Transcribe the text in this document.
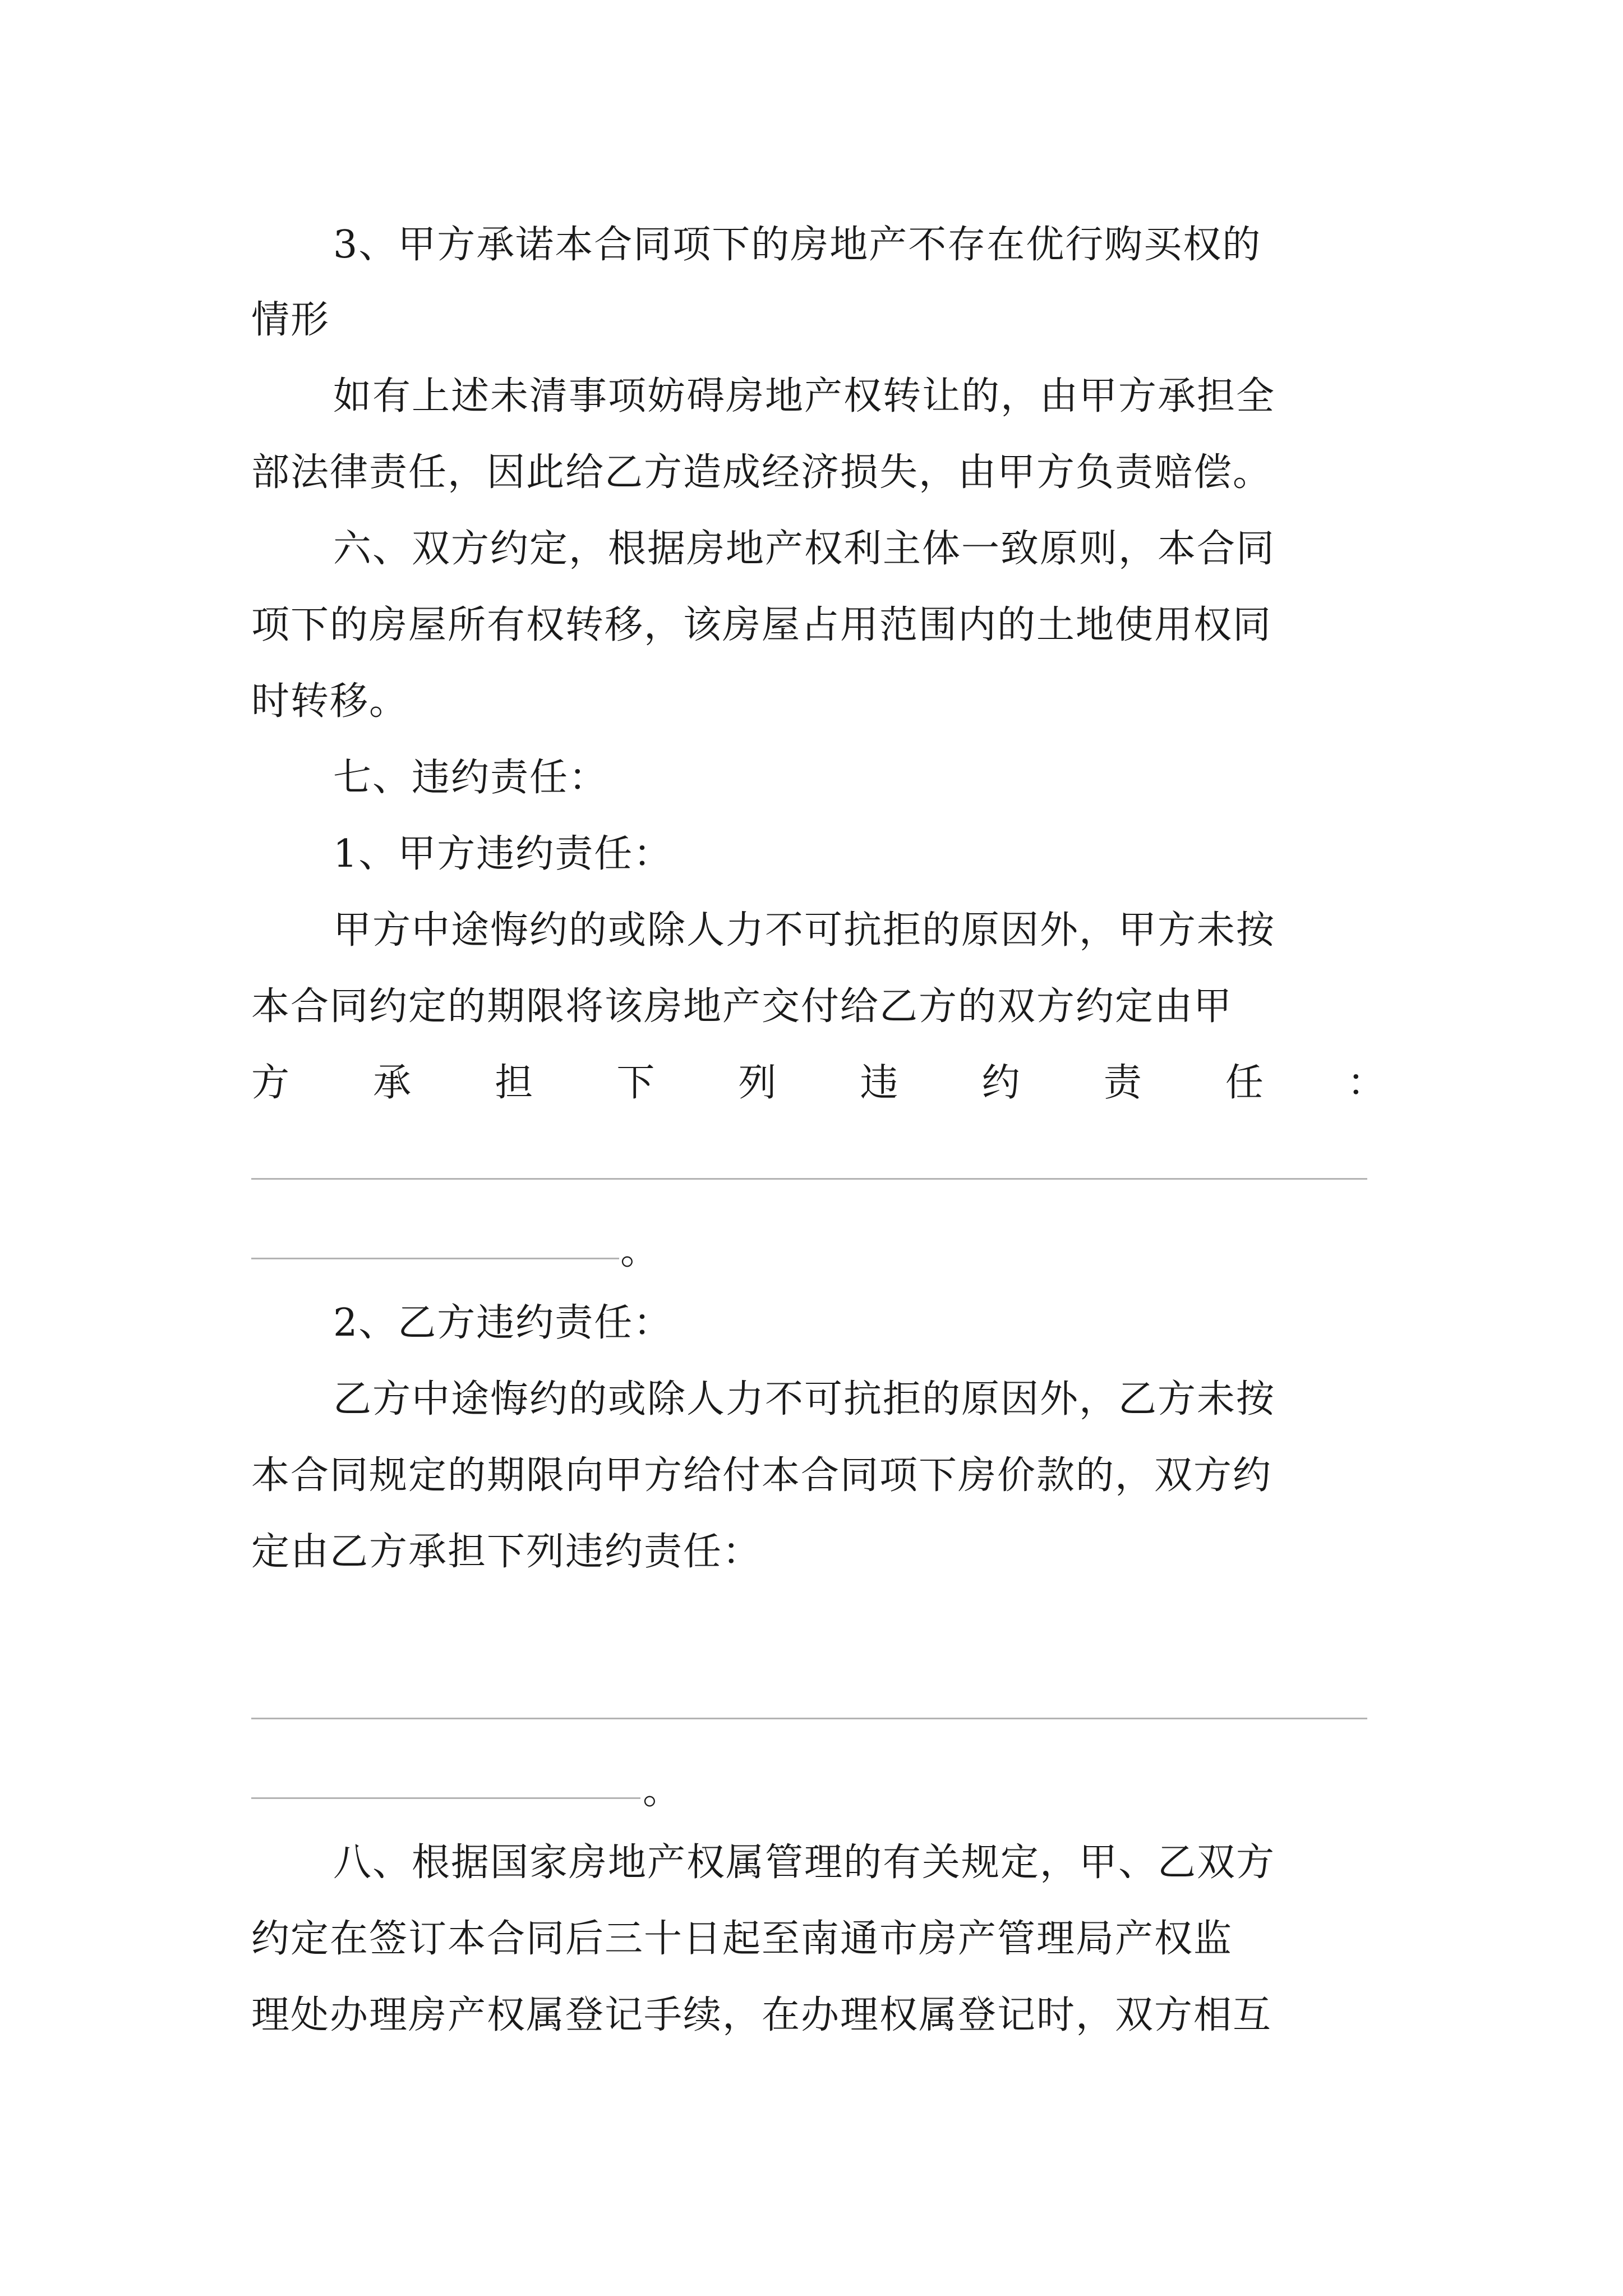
3、甲方承诺本合同项下的房地产不存在优行购买权的
情形
如有上述未清事项妨碍房地产权转让的，由甲方承担全
部法律责任，因此给乙方造成经济损失，由甲方负责赔偿。
六、双方约定，根据房地产权利主体一致原则，本合同
项下的房屋所有权转移，该房屋占用范围内的土地使用权同
时转移。
七、违约责任：
1、甲方违约责任：
甲方中途悔约的或除人力不可抗拒的原因外，甲方未按
本合同约定的期限将该房地产交付给乙方的双方约定由甲
方 承 担 下 列 违 约 责 任 ：
。
2、乙方违约责任：
乙方中途悔约的或除人力不可抗拒的原因外，乙方未按
本合同规定的期限向甲方给付本合同项下房价款的，双方约
定由乙方承担下列违约责任：
。
八、根据国家房地产权属管理的有关规定，甲、乙双方
约定在签订本合同后三十日起至南通市房产管理局产权监
理处办理房产权属登记手续，在办理权属登记时，双方相互
